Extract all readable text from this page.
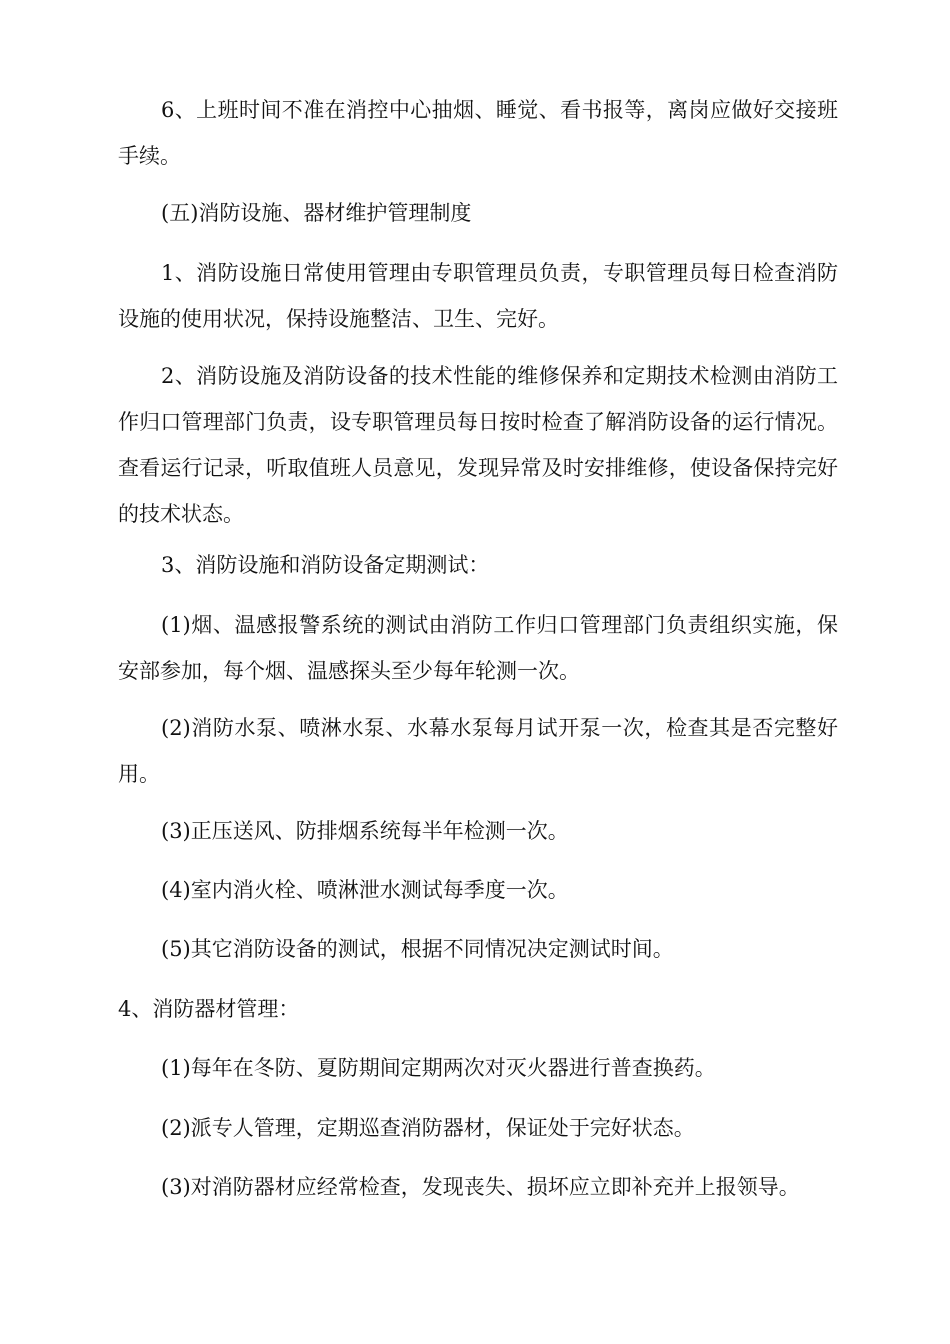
6、上班时间不准在消控中心抽烟、睡觉、看书报等，离岗应做好交接班手续。

(五)消防设施、器材维护管理制度

1、消防设施日常使用管理由专职管理员负责，专职管理员每日检查消防设施的使用状况，保持设施整洁、卫生、完好。

2、消防设施及消防设备的技术性能的维修保养和定期技术检测由消防工作归口管理部门负责，设专职管理员每日按时检查了解消防设备的运行情况。查看运行记录，听取值班人员意见，发现异常及时安排维修，使设备保持完好的技术状态。

3、消防设施和消防设备定期测试：

(1)烟、温感报警系统的测试由消防工作归口管理部门负责组织实施，保安部参加，每个烟、温感探头至少每年轮测一次。

(2)消防水泵、喷淋水泵、水幕水泵每月试开泵一次，检查其是否完整好用。

(3)正压送风、防排烟系统每半年检测一次。

(4)室内消火栓、喷淋泄水测试每季度一次。

(5)其它消防设备的测试，根据不同情况决定测试时间。

4、消防器材管理：

(1)每年在冬防、夏防期间定期两次对灭火器进行普查换药。

(2)派专人管理，定期巡查消防器材，保证处于完好状态。

(3)对消防器材应经常检查，发现丧失、损坏应立即补充并上报领导。
